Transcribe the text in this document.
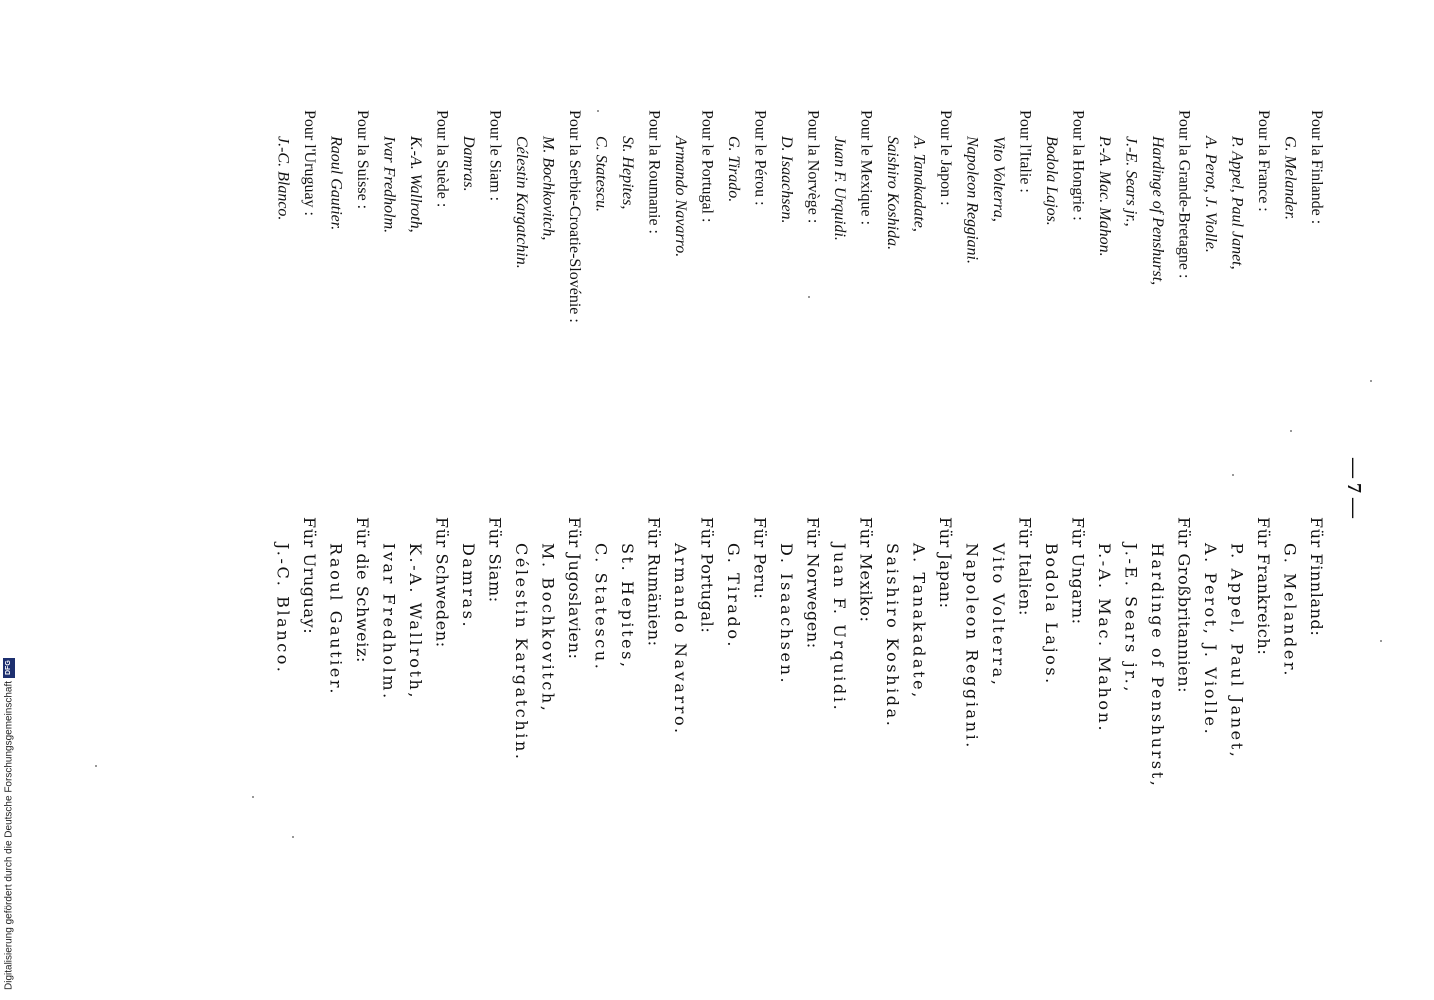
Pour la Finlande :
G. Melander.
Pour la France :
P. Appel, Paul Janet,
A. Perot, J. Violle.
Pour la Grande-Bretagne :
Hardinge of Penshurst,
J.-E. Sears jr.,
P.-A. Mac. Mahon.
Pour la Hongrie :
Bodola Lajos.
Pour l'Italie :
Vito Volterra,
Napoleon Reggiani.
Pour le Japon :
A. Tanakadate,
Saishiro Koshida.
Pour le Mexique :
Juan F. Urquidi.
Pour la Norvège :
D. Isaachsen.
Pour le Pérou :
G. Tirado.
Pour le Portugal :
Armando Navarro.
Pour la Roumanie :
St. Hepites,
C. Statescu.
Pour la Serbie-Croatie-Slovénie :
M. Bochkovitch,
Célestin Kargatchin.
Pour le Siam :
Damras.
Pour la Suède :
K.-A. Wallroth,
Ivar Fredholm.
Pour la Suisse :
Raoul Gautier.
Pour l'Uruguay :
J.-C. Blanco.
Für Finnland:
G. Melander.
Für Frankreich:
P. Appel, Paul Janet,
A. Perot, J. Violle.
Für Großbritannien:
Hardinge of Penshurst,
J.-E. Sears jr.,
P.-A. Mac. Mahon.
Für Ungarn:
Bodola Lajos.
Für Italien:
Vito Volterra,
Napoleon Reggiani.
Für Japan:
A. Tanakadate,
Saishiro Koshida.
Für Mexiko:
Juan F. Urquidi.
Für Norwegen:
D. Isaachsen.
Für Peru:
G. Tirado.
Für Portugal:
Armando Navarro.
Für Rumänien:
St. Hepites,
C. Statescu.
Für Jugoslavien:
M. Bochkovitch,
Célestin Kargatchin.
Für Siam:
Damras.
Für Schweden:
K.-A. Wallroth,
Ivar Fredholm.
Für die Schweiz:
Raoul Gautier.
Für Uruguay:
J.-C. Blanco.
— 7 —
Digitalisierung gefördert durch die Deutsche Forschungsgemeinschaft
DFG
